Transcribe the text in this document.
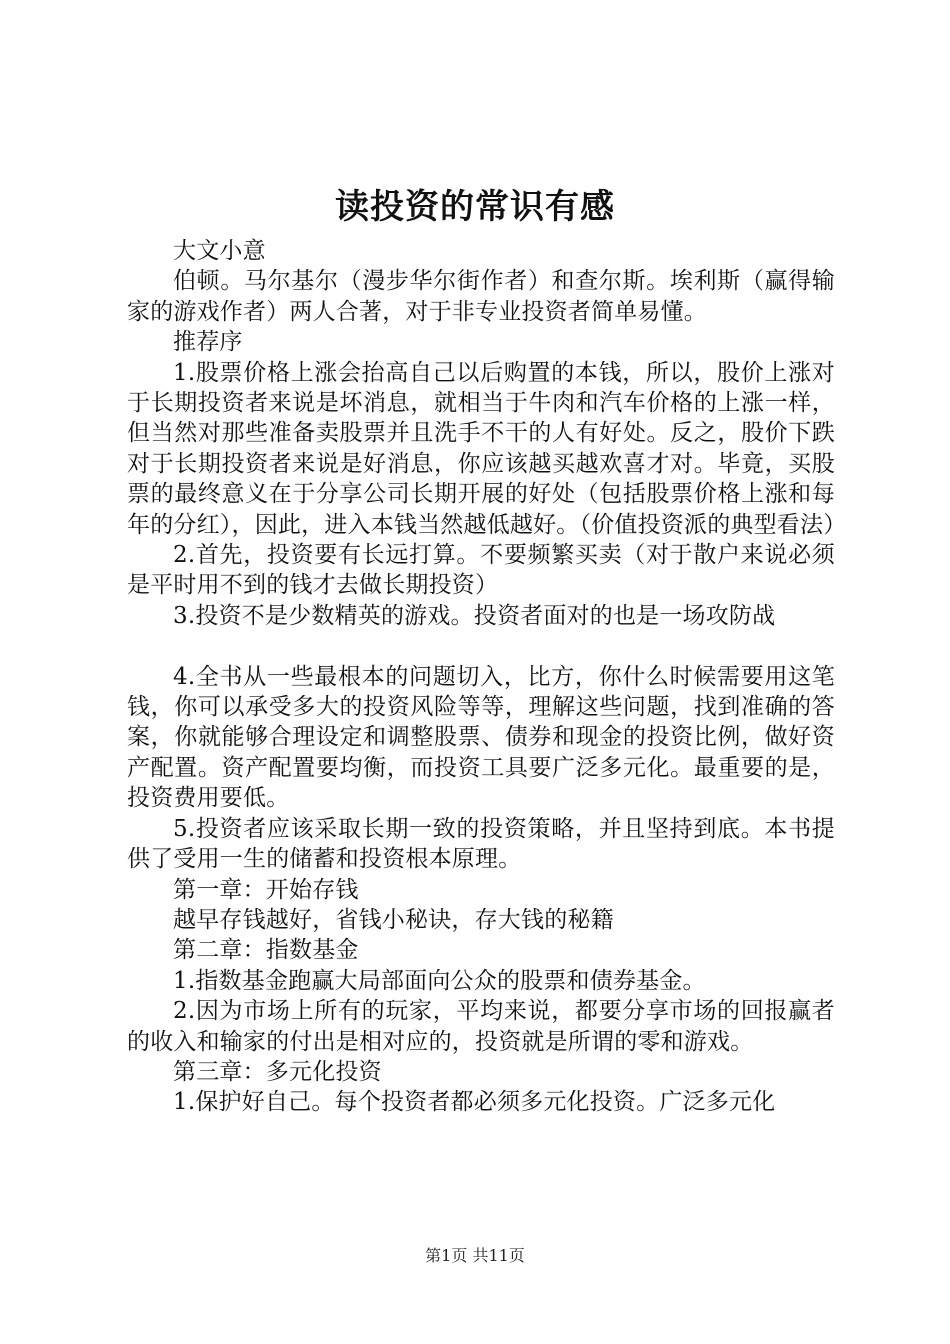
读投资的常识有感

大文小意

伯顿。马尔基尔（漫步华尔街作者）和查尔斯。埃利斯（赢得输家的游戏作者）两人合著，对于非专业投资者简单易懂。

推荐序

1.股票价格上涨会抬高自己以后购置的本钱，所以，股价上涨对于长期投资者来说是坏消息，就相当于牛肉和汽车价格的上涨一样，但当然对那些准备卖股票并且洗手不干的人有好处。反之，股价下跌对于长期投资者来说是好消息，你应该越买越欢喜才对。毕竟，买股票的最终意义在于分享公司长期开展的好处（包括股票价格上涨和每年的分红），因此，进入本钱当然越低越好。（价值投资派的典型看法）

2.首先，投资要有长远打算。不要频繁买卖（对于散户来说必须是平时用不到的钱才去做长期投资）

3.投资不是少数精英的游戏。投资者面对的也是一场攻防战

4.全书从一些最根本的问题切入，比方，你什么时候需要用这笔钱，你可以承受多大的投资风险等等，理解这些问题，找到准确的答案，你就能够合理设定和调整股票、债券和现金的投资比例，做好资产配置。资产配置要均衡，而投资工具要广泛多元化。最重要的是，投资费用要低。

5.投资者应该采取长期一致的投资策略，并且坚持到底。本书提供了受用一生的储蓄和投资根本原理。

第一章：开始存钱

越早存钱越好，省钱小秘诀，存大钱的秘籍

第二章：指数基金

1.指数基金跑赢大局部面向公众的股票和债券基金。

2.因为市场上所有的玩家，平均来说，都要分享市场的回报赢者的收入和输家的付出是相对应的，投资就是所谓的零和游戏。

第三章：多元化投资

1.保护好自己。每个投资者都必须多元化投资。广泛多元化

第1页 共11页
